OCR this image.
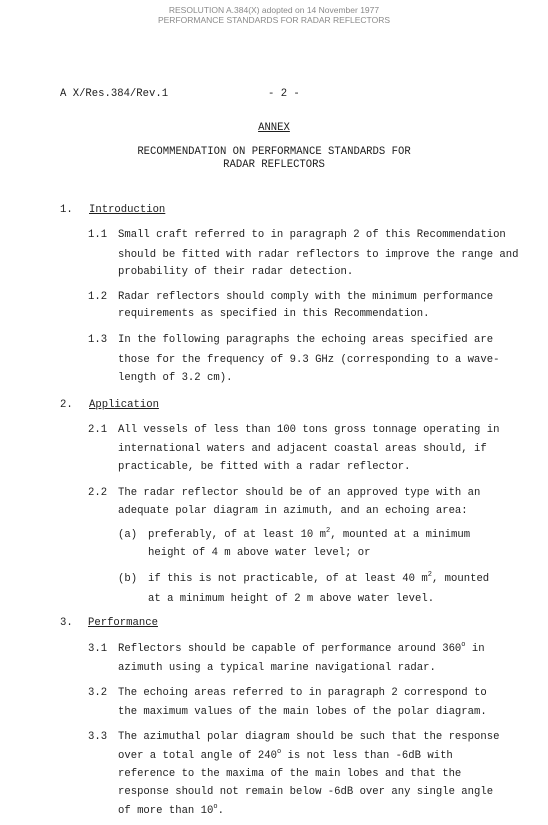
RESOLUTION A.384(X) adopted on 14 November 1977
PERFORMANCE STANDARDS FOR RADAR REFLECTORS
A X/Res.384/Rev.1	- 2 -
ANNEX
RECOMMENDATION ON PERFORMANCE STANDARDS FOR
RADAR REFLECTORS
1. Introduction
1.1 Small craft referred to in paragraph 2 of this Recommendation
should be fitted with radar reflectors to improve the range and
probability of their radar detection.
1.2 Radar reflectors should comply with the minimum performance
requirements as specified in this Recommendation.
1.3 In the following paragraphs the echoing areas specified are
those for the frequency of 9.3 GHz (corresponding to a wave-
length of 3.2 cm).
2. Application
2.1 All vessels of less than 100 tons gross tonnage operating in
international waters and adjacent coastal areas should, if
practicable, be fitted with a radar reflector.
2.2 The radar reflector should be of an approved type with an
adequate polar diagram in azimuth, and an echoing area:
(a) preferably, of at least 10 $m^2$, mounted at a minimum
height of 4 m above water level; or
(b) if this is not practicable, of at least 40 $m^2$, mounted
at a minimum height of 2 m above water level.
3. Performance
3.1 Reflectors should be capable of performance around 360$^o$ in
azimuth using a typical marine navigational radar.
3.2 The echoing areas referred to in paragraph 2 correspond to
the maximum values of the main lobes of the polar diagram.
3.3 The azimuthal polar diagram should be such that the response
over a total angle of 240$^o$ is not less than -6dB with
reference to the maxima of the main lobes and that the
response should not remain below -6dB over any single angle
of more than 10$^o$.
